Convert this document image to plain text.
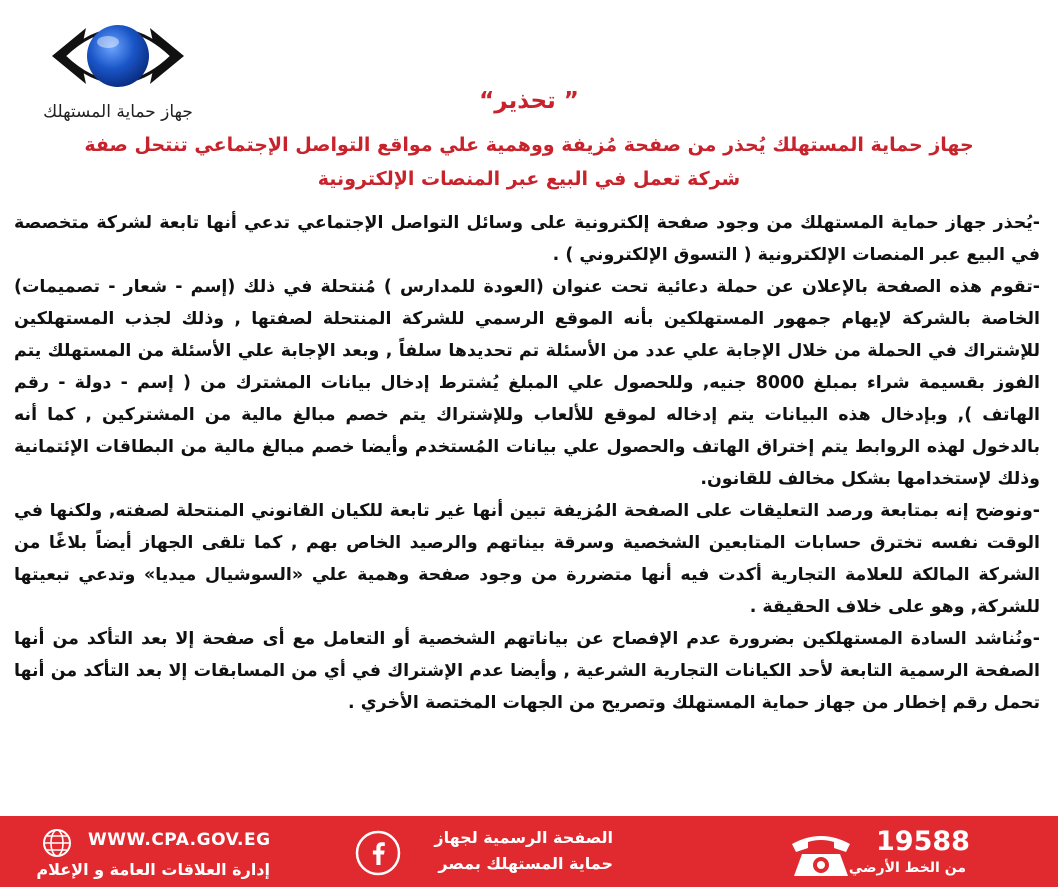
جهاز حماية المستهلك	“تحذير ”
جهاز حماية المستهلك يُحذر من صفحة مُزيفة ووهمية علي مواقع التواصل الإجتماعي تنتحل صفة
شركة تعمل في البيع عبر المنصات الإلكترونية

-يُحذر جهاز حماية المستهلك من وجود صفحة إلكترونية على وسائل التواصل الإجتماعي تدعي أنها تابعة لشركة متخصصة في البيع عبر المنصات الإلكترونية ( التسوق الإلكتروني ) .

-تقوم هذه الصفحة بالإعلان عن حملة دعائية تحت عنوان (العودة للمدارس ) مُنتحلة في ذلك (إسم - شعار - تصميمات) الخاصة بالشركة لإيهام جمهور المستهلكين بأنه الموقع الرسمي للشركة المنتحلة لصفتها , وذلك لجذب المستهلكين للإشتراك في الحملة من خلال الإجابة علي عدد من الأسئلة تم تحديدها سلفاً , وبعد الإجابة علي الأسئلة من المستهلك يتم الفوز بقسيمة شراء بمبلغ 8000 جنيه, وللحصول علي المبلغ يُشترط إدخال بيانات المشترك من ( إسم - دولة - رقم الهاتف ), وبإدخال هذه البيانات يتم إدخاله لموقع للألعاب وللإشتراك يتم خصم مبالغ مالية من المشتركين , كما أنه بالدخول لهذه الروابط يتم إختراق الهاتف والحصول علي بيانات المُستخدم وأيضا خصم مبالغ مالية من البطاقات الإئتمانية وذلك لإستخدامها بشكل مخالف للقانون.

-ونوضح إنه بمتابعة ورصد التعليقات على الصفحة المُزيفة تبين أنها غير تابعة للكيان القانوني المنتحلة لصفته, ولكنها في الوقت نفسه تخترق حسابات المتابعين الشخصية وسرقة بيناتهم والرصيد الخاص بهم , كما تلقى الجهاز أيضاً بلاغًا من الشركة المالكة للعلامة التجارية أكدت فيه أنها متضررة من وجود صفحة وهمية علي «السوشيال ميديا» وتدعي تبعيتها للشركة, وهو على خلاف الحقيقة .

-ونُناشد السادة المستهلكين بضرورة عدم الإفصاح عن بياناتهم الشخصية أو التعامل مع أى صفحة إلا بعد التأكد من أنها الصفحة الرسمية التابعة لأحد الكيانات التجارية الشرعية , وأيضا عدم الإشتراك في أي من المسابقات إلا بعد التأكد من أنها تحمل رقم إخطار من جهاز حماية المستهلك وتصريح من الجهات المختصة الأخري .

WWW.CPA.GOV.EG
إدارة العلاقات العامة و الإعلام
الصفحة الرسمية لجهاز
حماية المستهلك بمصر
19588
من الخط الأرضي
